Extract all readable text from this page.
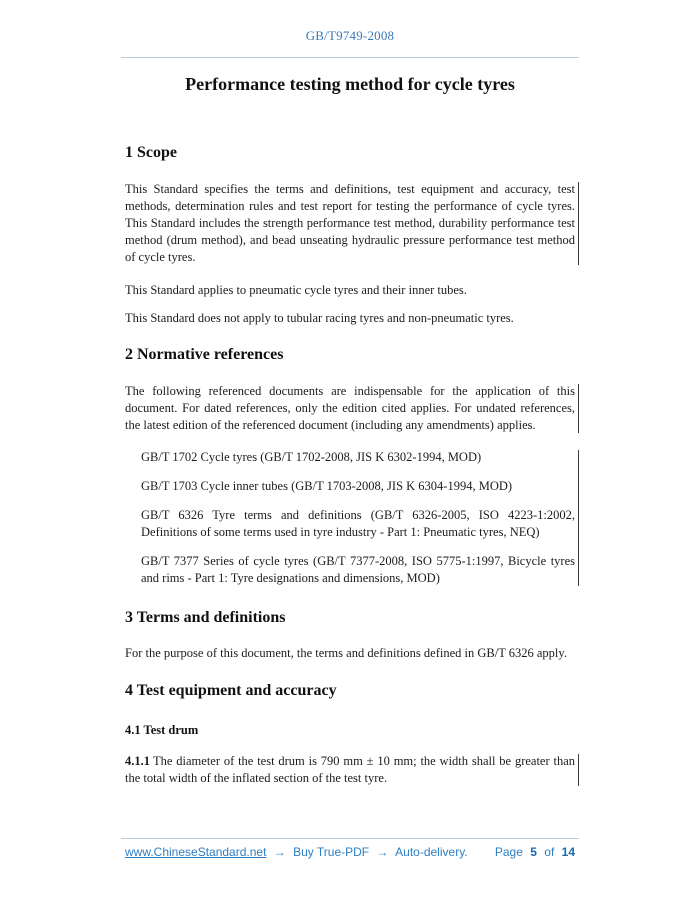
GB/T9749-2008
Performance testing method for cycle tyres
1 Scope

This Standard specifies the terms and definitions, test equipment and accuracy, test methods, determination rules and test report for testing the performance of cycle tyres. This Standard includes the strength performance test method, durability performance test method (drum method), and bead unseating hydraulic pressure performance test method of cycle tyres.

This Standard applies to pneumatic cycle tyres and their inner tubes.

This Standard does not apply to tubular racing tyres and non-pneumatic tyres.

2 Normative references

The following referenced documents are indispensable for the application of this document. For dated references, only the edition cited applies. For undated references, the latest edition of the referenced document (including any amendments) applies.

GB/T 1702 Cycle tyres (GB/T 1702-2008, JIS K 6302-1994, MOD)

GB/T 1703 Cycle inner tubes (GB/T 1703-2008, JIS K 6304-1994, MOD)

GB/T 6326 Tyre terms and definitions (GB/T 6326-2005, ISO 4223-1:2002, Definitions of some terms used in tyre industry - Part 1: Pneumatic tyres, NEQ)

GB/T 7377 Series of cycle tyres (GB/T 7377-2008, ISO 5775-1:1997, Bicycle tyres and rims - Part 1: Tyre designations and dimensions, MOD)

3 Terms and definitions

For the purpose of this document, the terms and definitions defined in GB/T 6326 apply.

4 Test equipment and accuracy
4.1 Test drum

4.1.1 The diameter of the test drum is 790 mm ± 10 mm; the width shall be greater than the total width of the inflated section of the test tyre.

www.ChineseStandard.net → Buy True-PDF → Auto-delivery.	Page 5 of 14
